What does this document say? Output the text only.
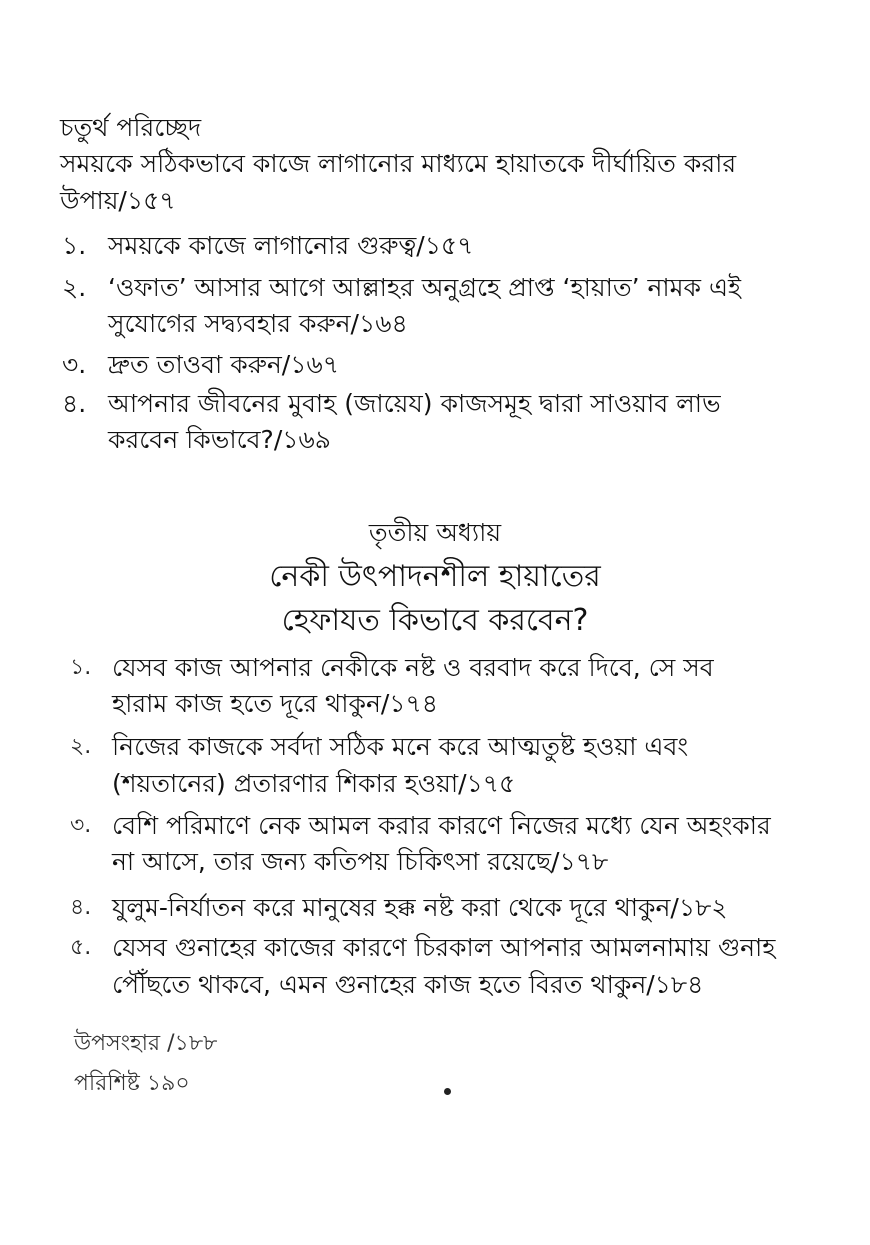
চতুর্থ পরিচ্ছেদ
সময়কে সঠিকভাবে কাজে লাগানোর মাধ্যমে হায়াতকে দীর্ঘায়িত করার
উপায়/১৫৭
১. সময়কে কাজে লাগানোর গুরুত্ব/১৫৭
২. ‘ওফাত’ আসার আগে আল্লাহর অনুগ্রহে প্রাপ্ত ‘হায়াত’ নামক এই
সুযোগের সদ্ব্যবহার করুন/১৬৪
৩. দ্রুত তাওবা করুন/১৬৭
৪. আপনার জীবনের মুবাহ (জায়েয) কাজসমূহ দ্বারা সাওয়াব লাভ
করবেন কিভাবে?/১৬৯
তৃতীয় অধ্যায়
নেকী উৎপাদনশীল হায়াতের
হেফাযত কিভাবে করবেন?
১. যেসব কাজ আপনার নেকীকে নষ্ট ও বরবাদ করে দিবে, সে সব
হারাম কাজ হতে দূরে থাকুন/১৭৪
২. নিজের কাজকে সর্বদা সঠিক মনে করে আত্মতুষ্ট হওয়া এবং
(শয়তানের) প্রতারণার শিকার হওয়া/১৭৫
৩. বেশি পরিমাণে নেক আমল করার কারণে নিজের মধ্যে যেন অহংকার
না আসে, তার জন্য কতিপয় চিকিৎসা রয়েছে/১৭৮
৪. যুলুম-নির্যাতন করে মানুষের হক্ক নষ্ট করা থেকে দূরে থাকুন/১৮২
৫. যেসব গুনাহের কাজের কারণে চিরকাল আপনার আমলনামায় গুনাহ
পৌঁছতে থাকবে, এমন গুনাহের কাজ হতে বিরত থাকুন/১৮৪
উপসংহার /১৮৮
পরিশিষ্ট ১৯০
